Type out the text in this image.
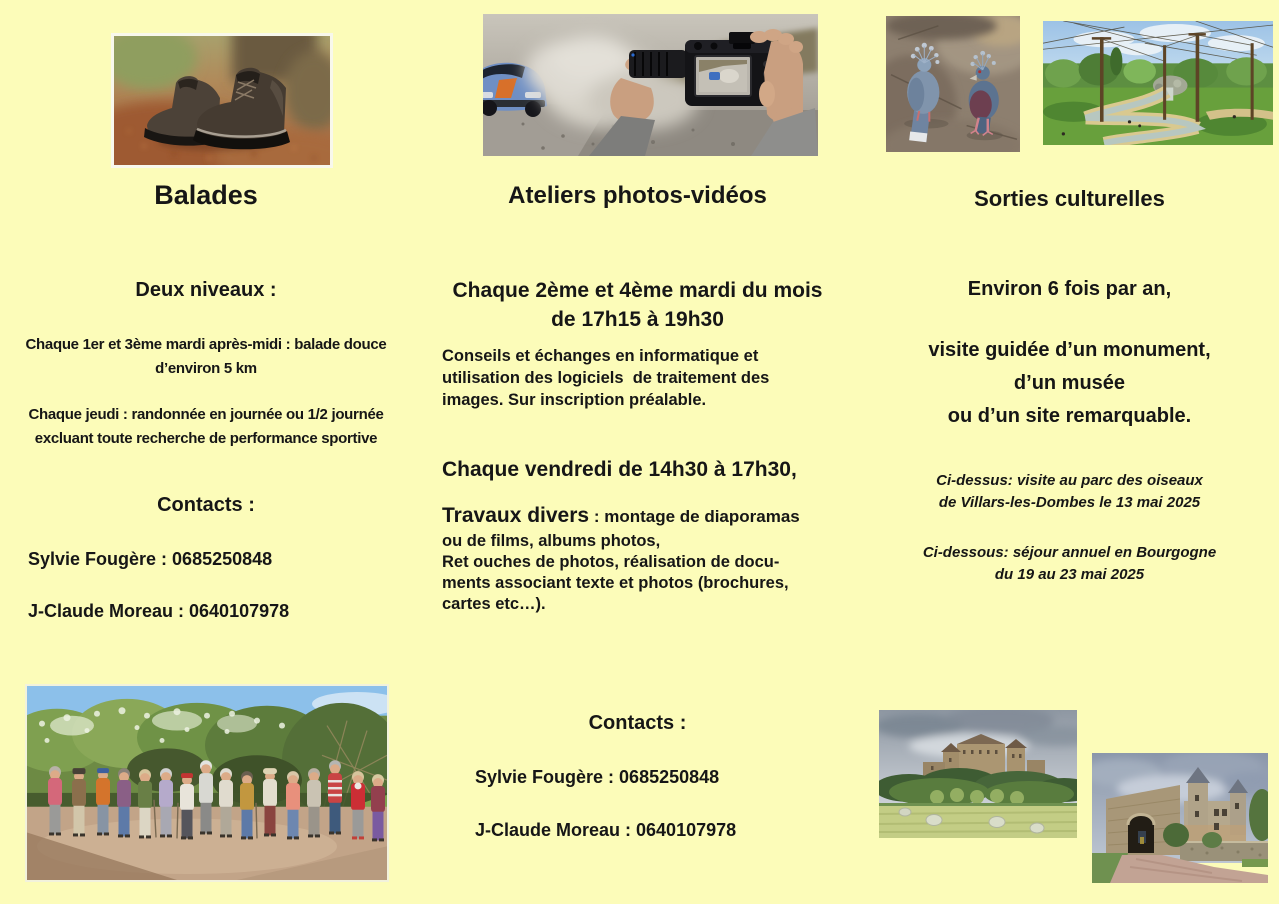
Balades
Deux niveaux :
Chaque 1er et 3ème mardi après-midi : balade douce
d’environ 5 km
Chaque jeudi : randonnée en journée ou 1/2 journée
excluant toute recherche de performance sportive
Contacts :
Sylvie Fougère : 0685250848
J-Claude Moreau : 0640107978
Ateliers photos-vidéos
Chaque 2ème et 4ème mardi du mois
de 17h15 à 19h30
Conseils et échanges en informatique et
utilisation des logiciels  de traitement des
images. Sur inscription préalable.
Chaque vendredi de 14h30 à 17h30,
Travaux divers : montage de diaporamas
ou de films, albums photos,
Ret ouches de photos, réalisation de docu-
ments associant texte et photos (brochures,
cartes etc…).
Contacts :
Sylvie Fougère : 0685250848
J-Claude Moreau : 0640107978
Sorties culturelles
Environ 6 fois par an,
visite guidée d’un monument,
d’un musée
ou d’un site remarquable.
Ci-dessus: visite au parc des oiseaux
de Villars-les-Dombes le 13 mai 2025
Ci-dessous: séjour annuel en Bourgogne
du 19 au 23 mai 2025
